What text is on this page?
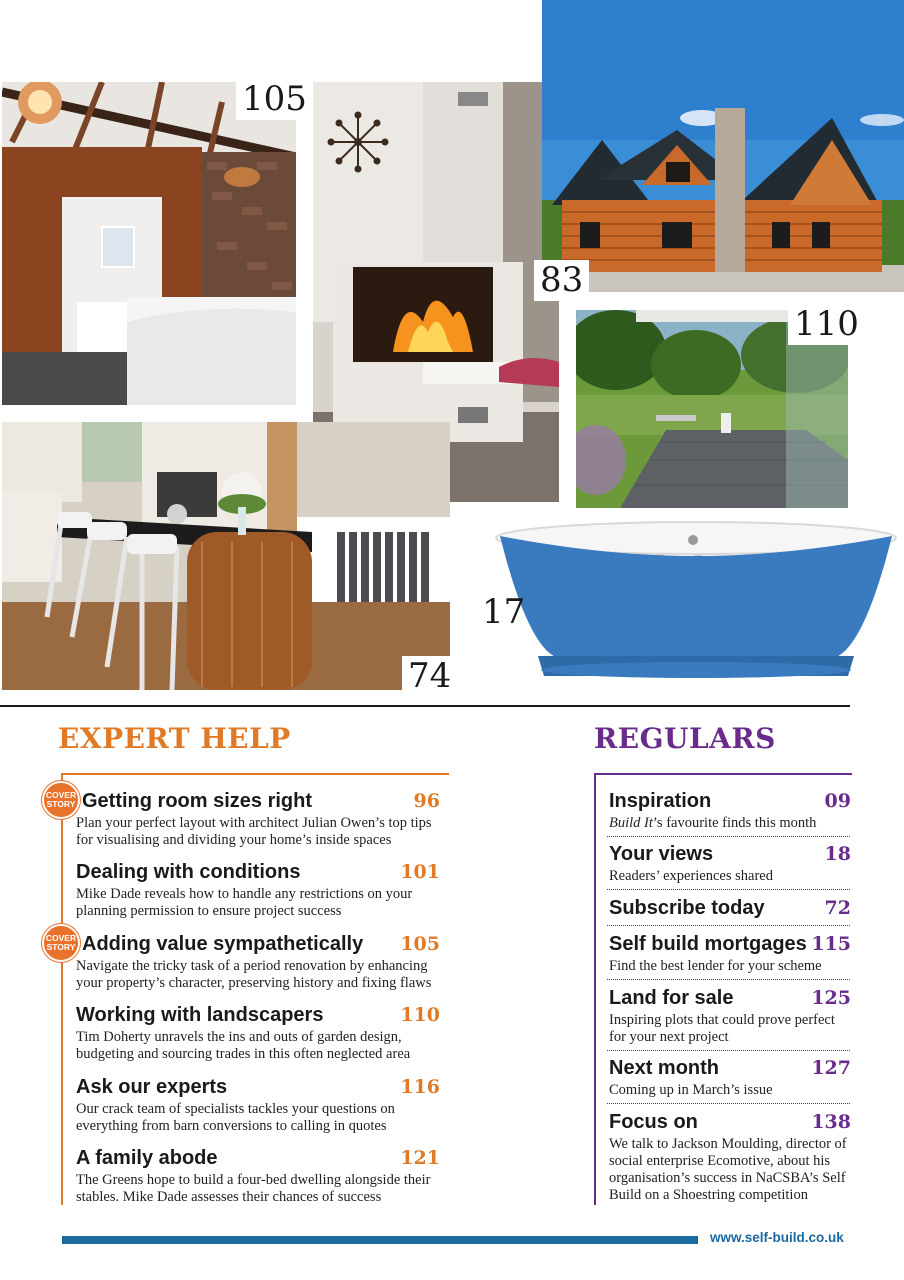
105
83
110
74
17
EXPERT HELP
COVER
STORY Getting room sizes right	96
Plan your perfect layout with architect Julian Owen’s top tips for visualising and dividing your home’s inside spaces
Dealing with conditions	101
Mike Dade reveals how to handle any restrictions on your planning permission to ensure project success
COVER
STORY Adding value sympathetically 105
Navigate the tricky task of a period renovation by enhancing your property’s character, preserving history and fixing flaws
Working with landscapers	110
Tim Doherty unravels the ins and outs of garden design, budgeting and sourcing trades in this often neglected area
Ask our experts	116
Our crack team of specialists tackles your questions on everything from barn conversions to calling in quotes
A family abode	121
The Greens hope to build a four-bed dwelling alongside their stables. Mike Dade assesses their chances of success
REGULARS
Inspiration	09
Build It’s favourite finds this month
Your views	18
Readers’ experiences shared
Subscribe today	72
Self build mortgages 115
Find the best lender for your scheme
Land for sale	125
Inspiring plots that could prove perfect for your next project
Next month	127
Coming up in March’s issue
Focus on	138
We talk to Jackson Moulding, director of social enterprise Ecomotive, about his organisation’s success in NaCSBA’s Self Build on a Shoestring competition
www.self-build.co.uk
